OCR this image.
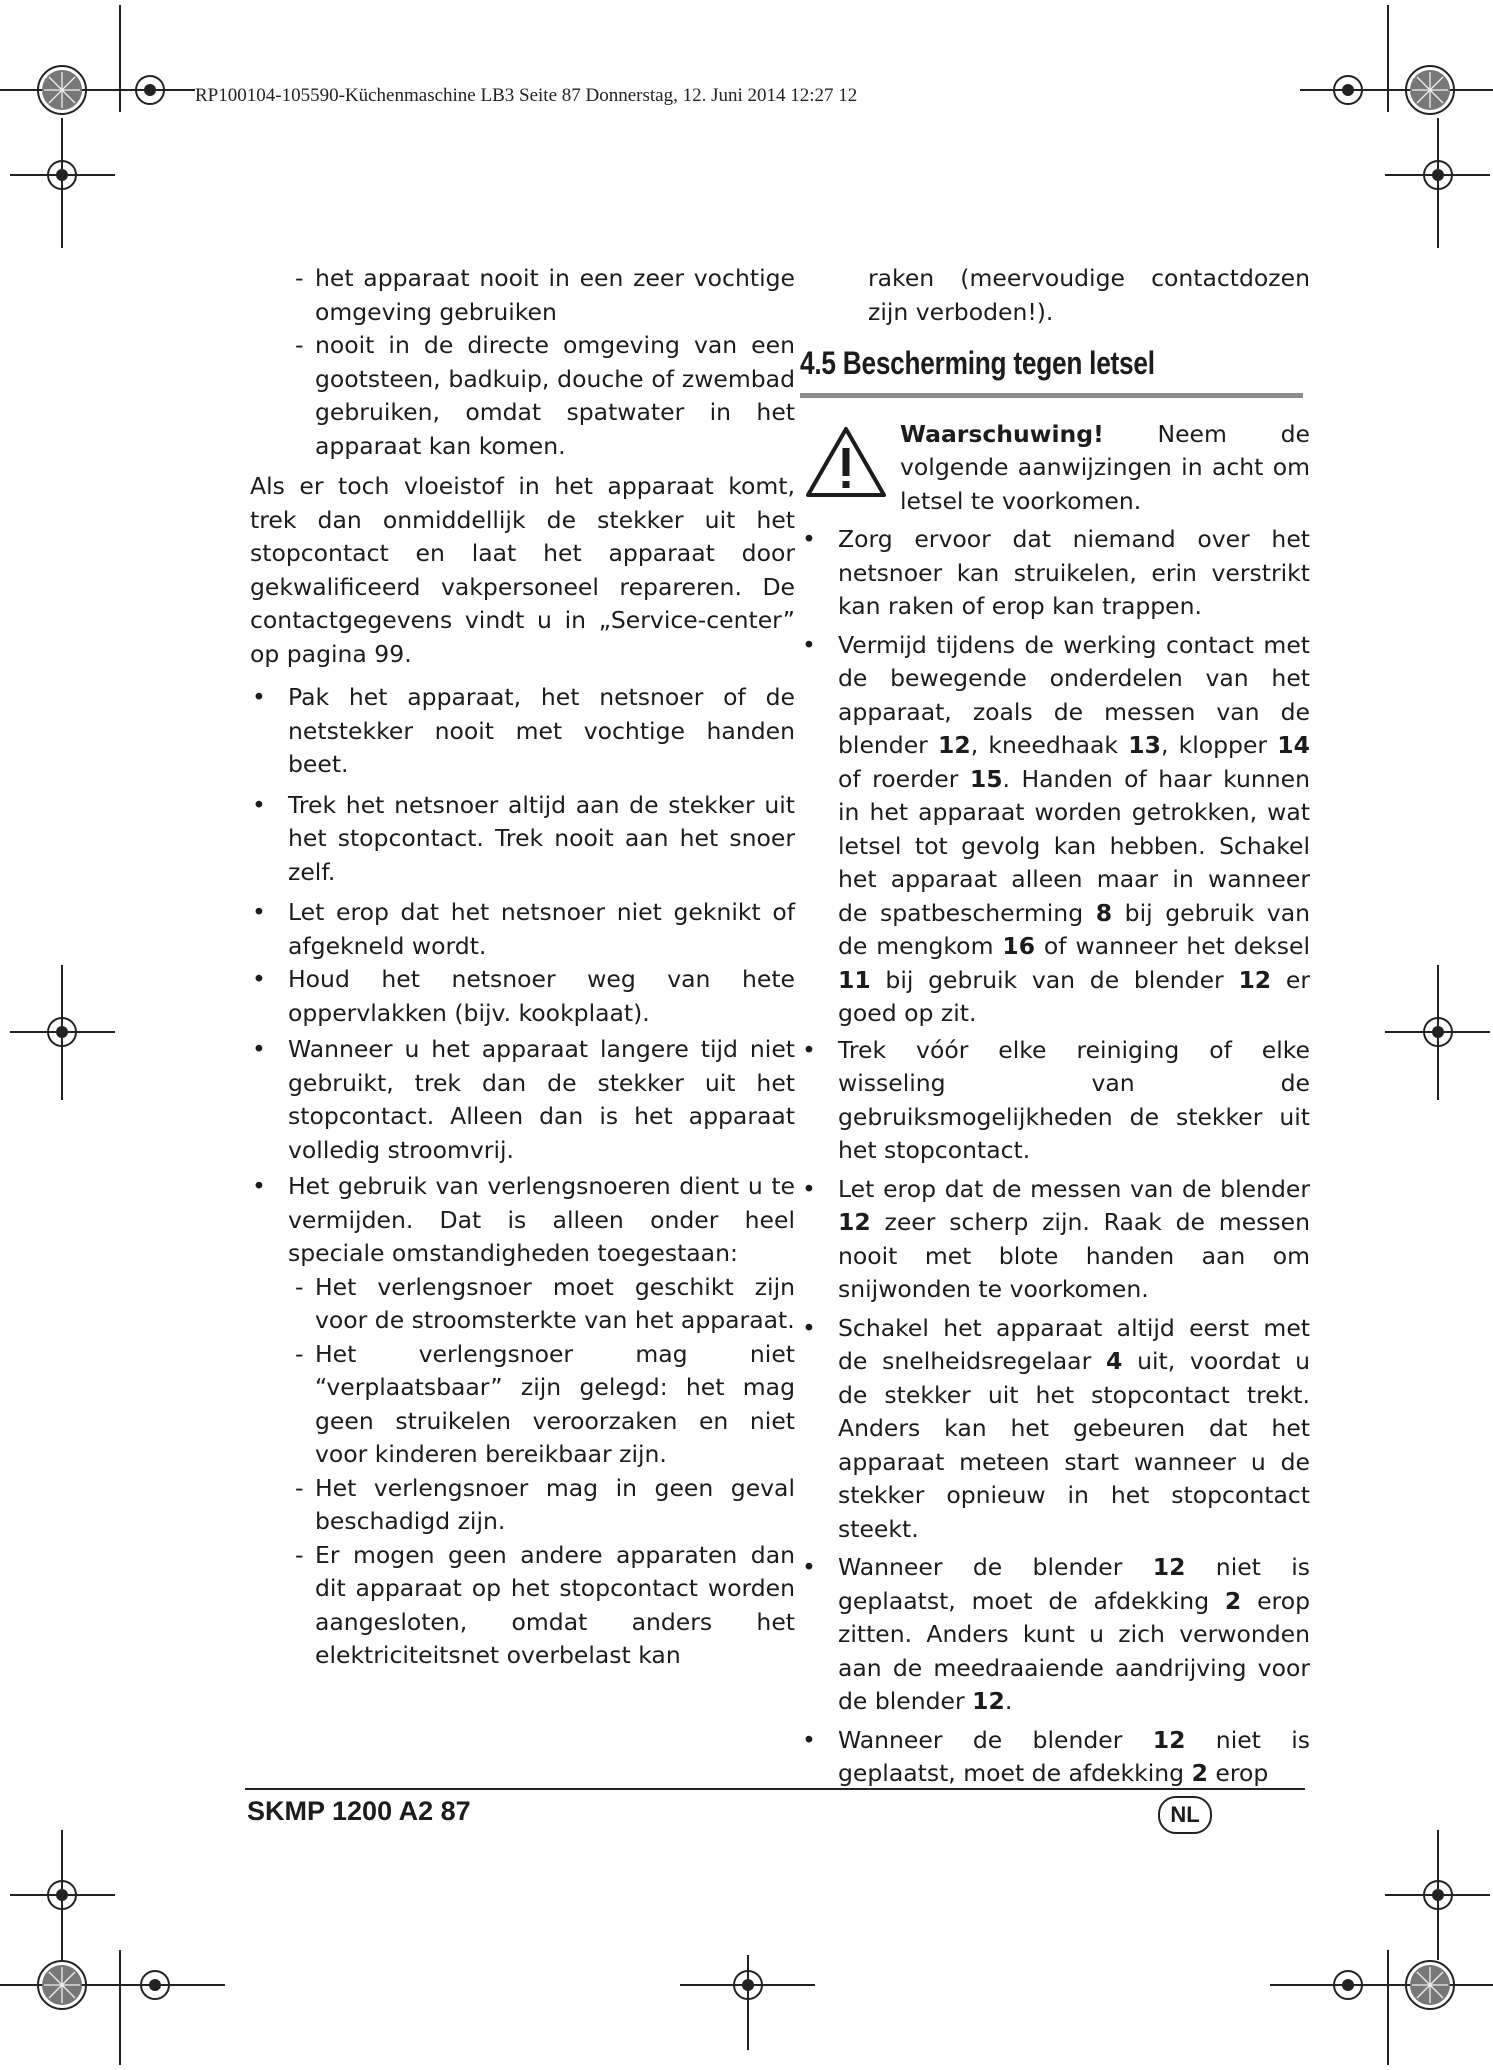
RP100104-105590-Küchenmaschine LB3 Seite 87 Donnerstag, 12. Juni 2014 12:27 12

- het apparaat nooit in een zeer vochtige omgeving gebruiken

- nooit in de directe omgeving van een gootsteen, badkuip, douche of zwembad gebruiken, omdat spatwater in het apparaat kan komen.

Als er toch vloeistof in het apparaat komt, trek dan onmiddellijk de stekker uit het stopcontact en laat het apparaat door gekwalificeerd vakpersoneel repareren. De contactgegevens vindt u in „Service-center” op pagina 99.

• Pak het apparaat, het netsnoer of de netstekker nooit met vochtige handen beet.

• Trek het netsnoer altijd aan de stekker uit het stopcontact. Trek nooit aan het snoer zelf.

• Let erop dat het netsnoer niet geknikt of afgekneld wordt.

• Houd het netsnoer weg van hete oppervlakken (bijv. kookplaat).

• Wanneer u het apparaat langere tijd niet gebruikt, trek dan de stekker uit het stopcontact. Alleen dan is het apparaat volledig stroomvrij.

• Het gebruik van verlengsnoeren dient u te vermijden. Dat is alleen onder heel speciale omstandigheden toegestaan:

- Het verlengsnoer moet geschikt zijn voor de stroomsterkte van het apparaat.

- Het verlengsnoer mag niet “verplaatsbaar” zijn gelegd: het mag geen struikelen veroorzaken en niet voor kinderen bereikbaar zijn.

- Het verlengsnoer mag in geen geval beschadigd zijn.

- Er mogen geen andere apparaten dan dit apparaat op het stopcontact worden aangesloten, omdat anders het elektriciteitsnet overbelast kan

raken (meervoudige contactdozen zijn verboden!).

4.5 Bescherming tegen letsel

Waarschuwing! Neem de volgende aanwijzingen in acht om letsel te voorkomen.

• Zorg ervoor dat niemand over het netsnoer kan struikelen, erin verstrikt kan raken of erop kan trappen.

• Vermijd tijdens de werking contact met de bewegende onderdelen van het apparaat, zoals de messen van de blender 12, kneedhaak 13, klopper 14 of roerder 15. Handen of haar kunnen in het apparaat worden getrokken, wat letsel tot gevolg kan hebben. Schakel het apparaat alleen maar in wanneer de spatbescherming 8 bij gebruik van de mengkom 16 of wanneer het deksel 11 bij gebruik van de blender 12 er goed op zit.

• Trek vóór elke reiniging of elke wisseling van de gebruiksmogelijkheden de stekker uit het stopcontact.

• Let erop dat de messen van de blender 12 zeer scherp zijn. Raak de messen nooit met blote handen aan om snijwonden te voorkomen.

• Schakel het apparaat altijd eerst met de snelheidsregelaar 4 uit, voordat u de stekker uit het stopcontact trekt. Anders kan het gebeuren dat het apparaat meteen start wanneer u de stekker opnieuw in het stopcontact steekt.

• Wanneer de blender 12 niet is geplaatst, moet de afdekking 2 erop zitten. Anders kunt u zich verwonden aan de meedraaiende aandrijving voor de blender 12.

• Wanneer de blender 12 niet is geplaatst, moet de afdekking 2 erop

SKMP 1200 A2 87	NL
